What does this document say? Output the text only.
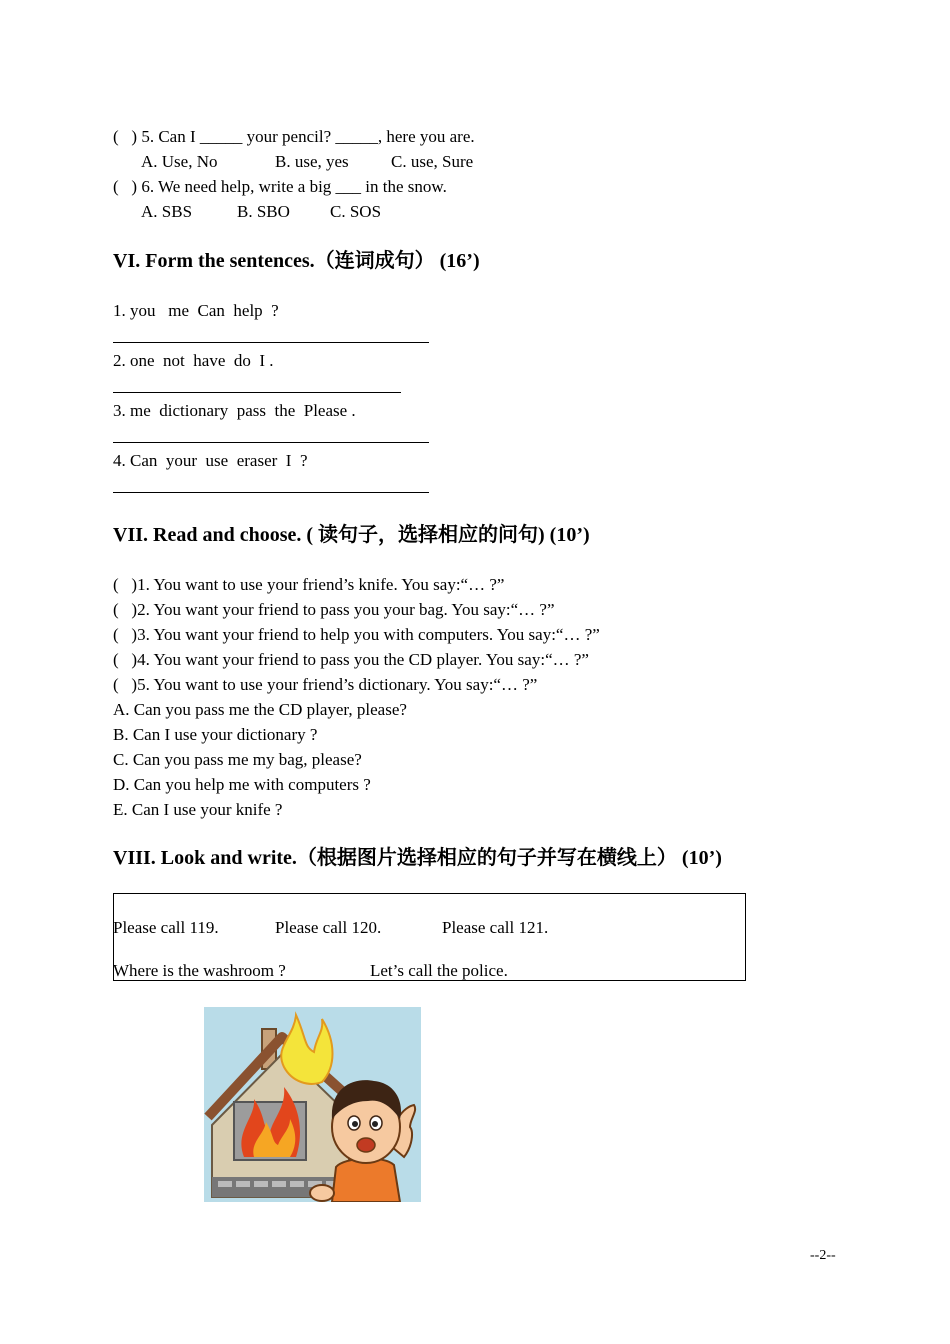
(   ) 5. Can I _____ your pencil? _____, here you are.
A. Use, No	B. use, yes C. use, Sure
(   ) 6. We need help, write a big ___ in the snow.
A. SBS	B. SBO C. SOS
VI. Form the sentences.（连词成句） (16’)
1. you   me  Can  help  ?
2. one  not  have  do  I .
3. me  dictionary  pass  the  Please .
4. Can  your  use  eraser  I  ?
VII. Read and choose. ( 读句子，选择相应的问句) (10’)
(   )1. You want to use your friend’s knife. You say:“… ?”
(   )2. You want your friend to pass you your bag. You say:“… ?”
(   )3. You want your friend to help you with computers. You say:“… ?”
(   )4. You want your friend to pass you the CD player. You say:“… ?”
(   )5. You want to use your friend’s dictionary. You say:“… ?”
A. Can you pass me the CD player, please?
B. Can I use your dictionary ?
C. Can you pass me my bag, please?
D. Can you help me with computers ?
E. Can I use your knife ?
VIII. Look and write.（根据图片选择相应的句子并写在横线上） (10’)
Please call 119.	Please call 120.	Please call 121.
Where is the washroom ?	Let’s call the police.
--2--
